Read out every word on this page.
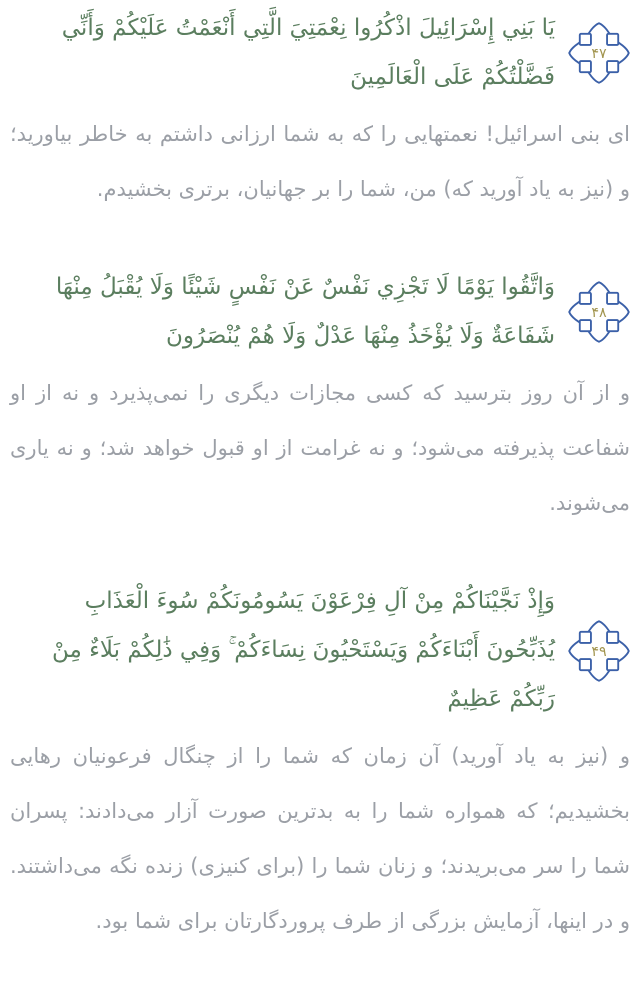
۴۷

يَا بَنِي إِسْرَائِيلَ اذْكُرُوا نِعْمَتِيَ الَّتِي أَنْعَمْتُ عَلَيْكُمْ وَأَنِّي فَضَّلْتُكُمْ عَلَى الْعَالَمِينَ

ای بنی اسرائیل! نعمتهایی را که به شما ارزانی داشتم به خاطر بیاورید؛ و (نیز به یاد آورید که) من، شما را بر جهانیان، برتری بخشیدم.

۴۸

وَاتَّقُوا يَوْمًا لَا تَجْزِي نَفْسٌ عَنْ نَفْسٍ شَيْئًا وَلَا يُقْبَلُ مِنْهَا شَفَاعَةٌ وَلَا يُؤْخَذُ مِنْهَا عَدْلٌ وَلَا هُمْ يُنْصَرُونَ

و از آن روز بترسید که کسی مجازات دیگری را نمی‌پذیرد و نه از او شفاعت پذیرفته می‌شود؛ و نه غرامت از او قبول خواهد شد؛ و نه یاری می‌شوند.

۴۹

وَإِذْ نَجَّيْنَاكُمْ مِنْ آلِ فِرْعَوْنَ يَسُومُونَكُمْ سُوءَ الْعَذَابِ يُذَبِّحُونَ أَبْنَاءَكُمْ وَيَسْتَحْيُونَ نِسَاءَكُمْ ۚ وَفِي ذَٰلِكُمْ بَلَاءٌ مِنْ رَبِّكُمْ عَظِيمٌ

و (نیز به یاد آورید) آن زمان که شما را از چنگال فرعونیان رهایی بخشیدیم؛ که همواره شما را به بدترین صورت آزار می‌دادند: پسران شما را سر می‌بریدند؛ و زنان شما را (برای کنیزی) زنده نگه می‌داشتند. و در اینها، آزمایش بزرگی از طرف پروردگارتان برای شما بود.
